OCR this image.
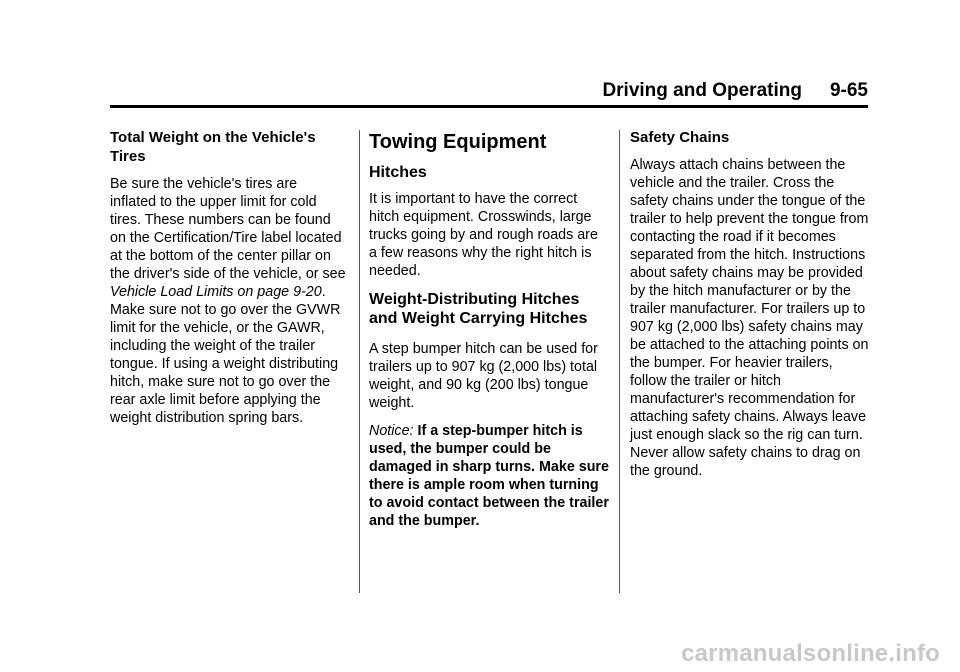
Driving and Operating 9-65
Total Weight on the Vehicle's Tires

Be sure the vehicle's tires are inflated to the upper limit for cold tires. These numbers can be found on the Certification/Tire label located at the bottom of the center pillar on the driver's side of the vehicle, or see Vehicle Load Limits on page 9-20. Make sure not to go over the GVWR limit for the vehicle, or the GAWR, including the weight of the trailer tongue. If using a weight distributing hitch, make sure not to go over the rear axle limit before applying the weight distribution spring bars.

Towing Equipment
Hitches

It is important to have the correct hitch equipment. Crosswinds, large trucks going by and rough roads are a few reasons why the right hitch is needed.

Weight-Distributing Hitches and Weight Carrying Hitches

A step bumper hitch can be used for trailers up to 907 kg (2,000 lbs) total weight, and 90 kg (200 lbs) tongue weight.

Notice: If a step-bumper hitch is used, the bumper could be damaged in sharp turns. Make sure there is ample room when turning to avoid contact between the trailer and the bumper.

Safety Chains

Always attach chains between the vehicle and the trailer. Cross the safety chains under the tongue of the trailer to help prevent the tongue from contacting the road if it becomes separated from the hitch. Instructions about safety chains may be provided by the hitch manufacturer or by the trailer manufacturer. For trailers up to 907 kg (2,000 lbs) safety chains may be attached to the attaching points on the bumper. For heavier trailers, follow the trailer or hitch manufacturer's recommendation for attaching safety chains. Always leave just enough slack so the rig can turn. Never allow safety chains to drag on the ground.

carmanualsonline.info
